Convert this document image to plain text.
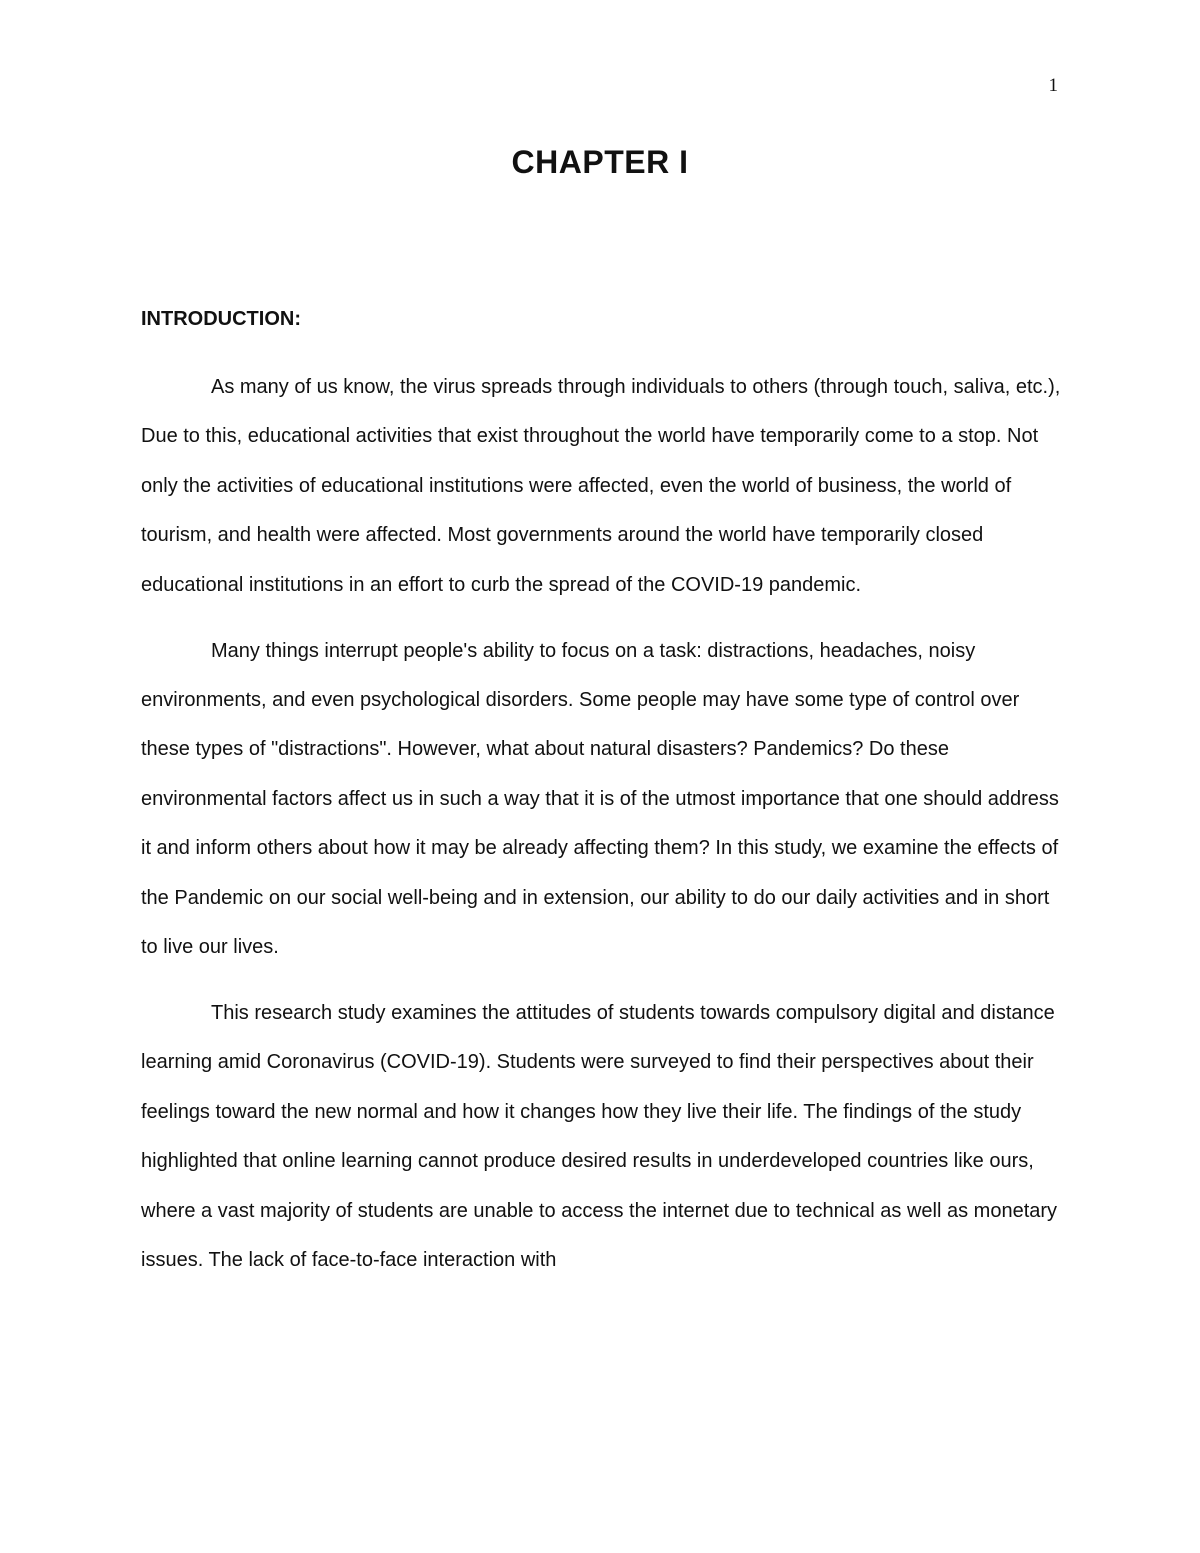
1
CHAPTER I
INTRODUCTION:

As many of us know, the virus spreads through individuals to others (through touch, saliva, etc.), Due to this, educational activities that exist throughout the world have temporarily come to a stop. Not only the activities of educational institutions were affected, even the world of business, the world of tourism, and health were affected. Most governments around the world have temporarily closed educational institutions in an effort to curb the spread of the COVID-19 pandemic.

Many things interrupt people's ability to focus on a task: distractions, headaches, noisy environments, and even psychological disorders. Some people may have some type of control over these types of "distractions". However, what about natural disasters? Pandemics? Do these environmental factors affect us in such a way that it is of the utmost importance that one should address it and inform others about how it may be already affecting them? In this study, we examine the effects of the Pandemic on our social well-being and in extension, our ability to do our daily activities and in short to live our lives.

This research study examines the attitudes of students towards compulsory digital and distance learning amid Coronavirus (COVID-19). Students were surveyed to find their perspectives about their feelings toward the new normal and how it changes how they live their life. The findings of the study highlighted that online learning cannot produce desired results in underdeveloped countries like ours, where a vast majority of students are unable to access the internet due to technical as well as monetary issues. The lack of face-to-face interaction with
